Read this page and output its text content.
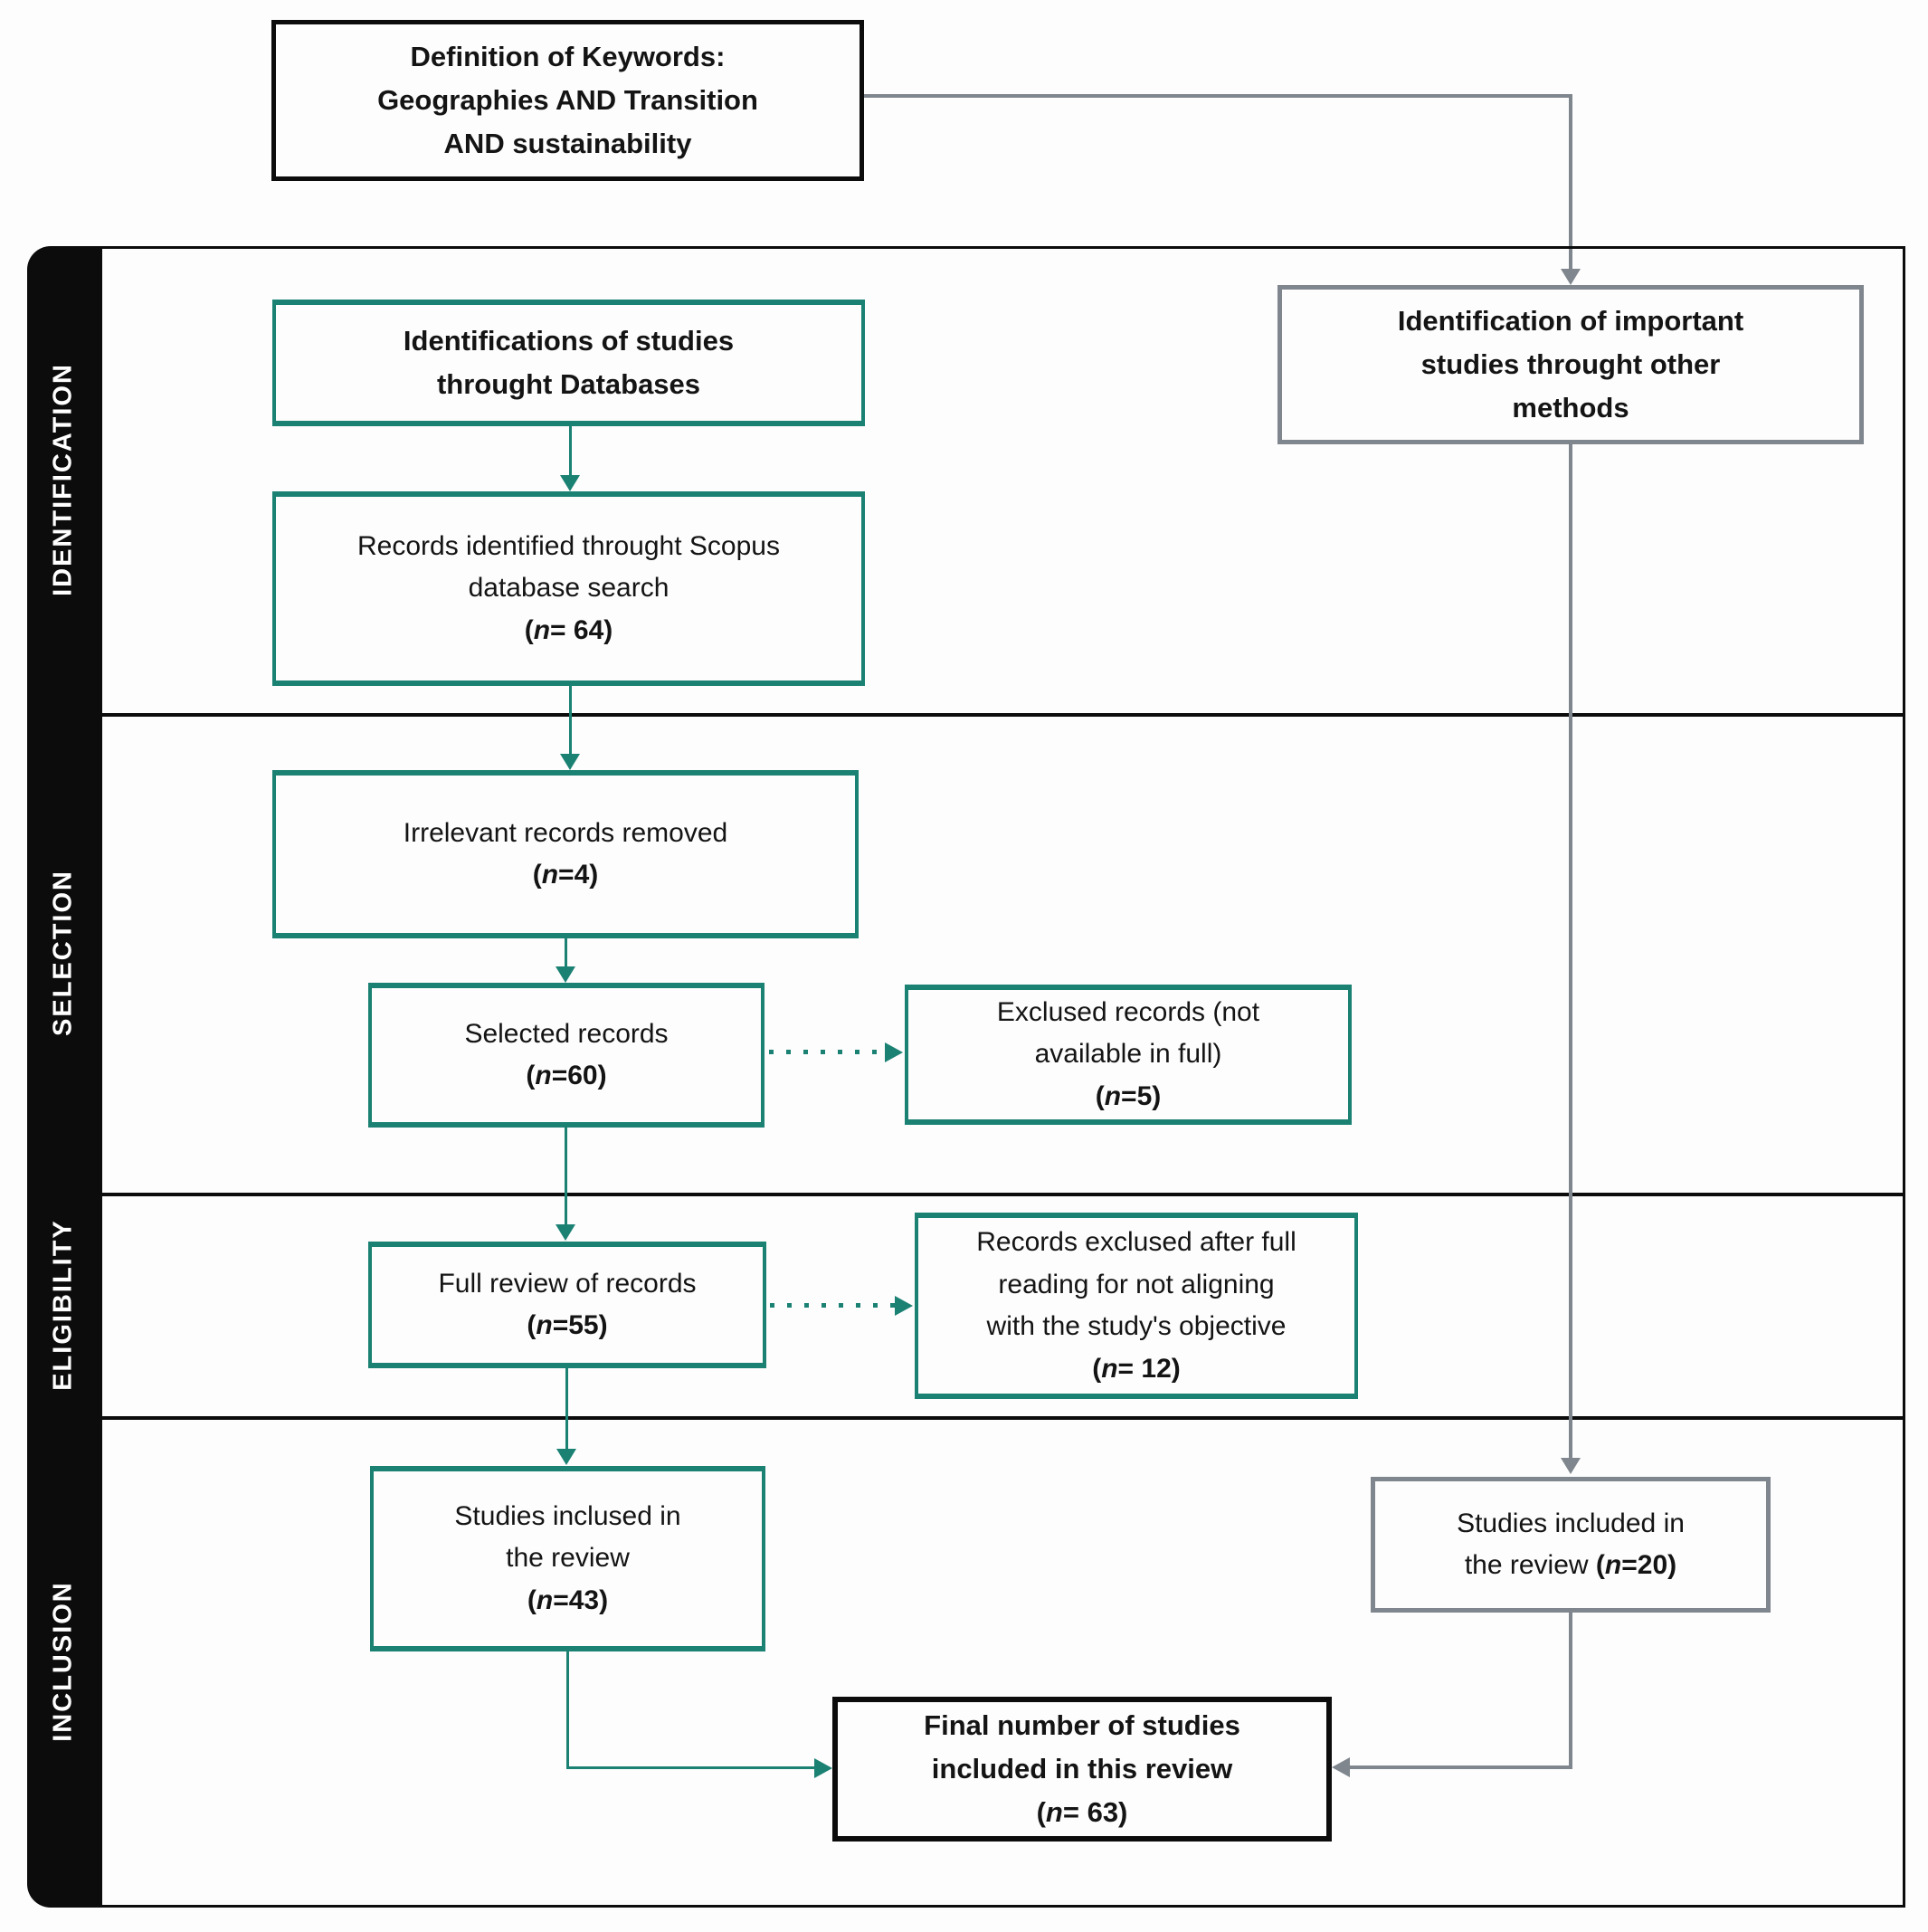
Definition of Keywords:
Geographies AND Transition
AND sustainability
IDENTIFICATION
SELECTION
ELIGIBILITY
INCLUSION
Identifications of studies
throught Databases
Records identified throught Scopus
database search
(n= 64)
Irrelevant records removed
(n=4)
Selected records
(n=60)
Exclused records (not
available in full)
(n=5)
Full review of records
(n=55)
Records exclused after full
reading for not aligning
with the study's objective
(n= 12)
Studies inclused in
the review
(n=43)
Identification of important
studies throught other
methods
Studies included in
the review (n=20)
Final number of studies
included in this review
(n= 63)
